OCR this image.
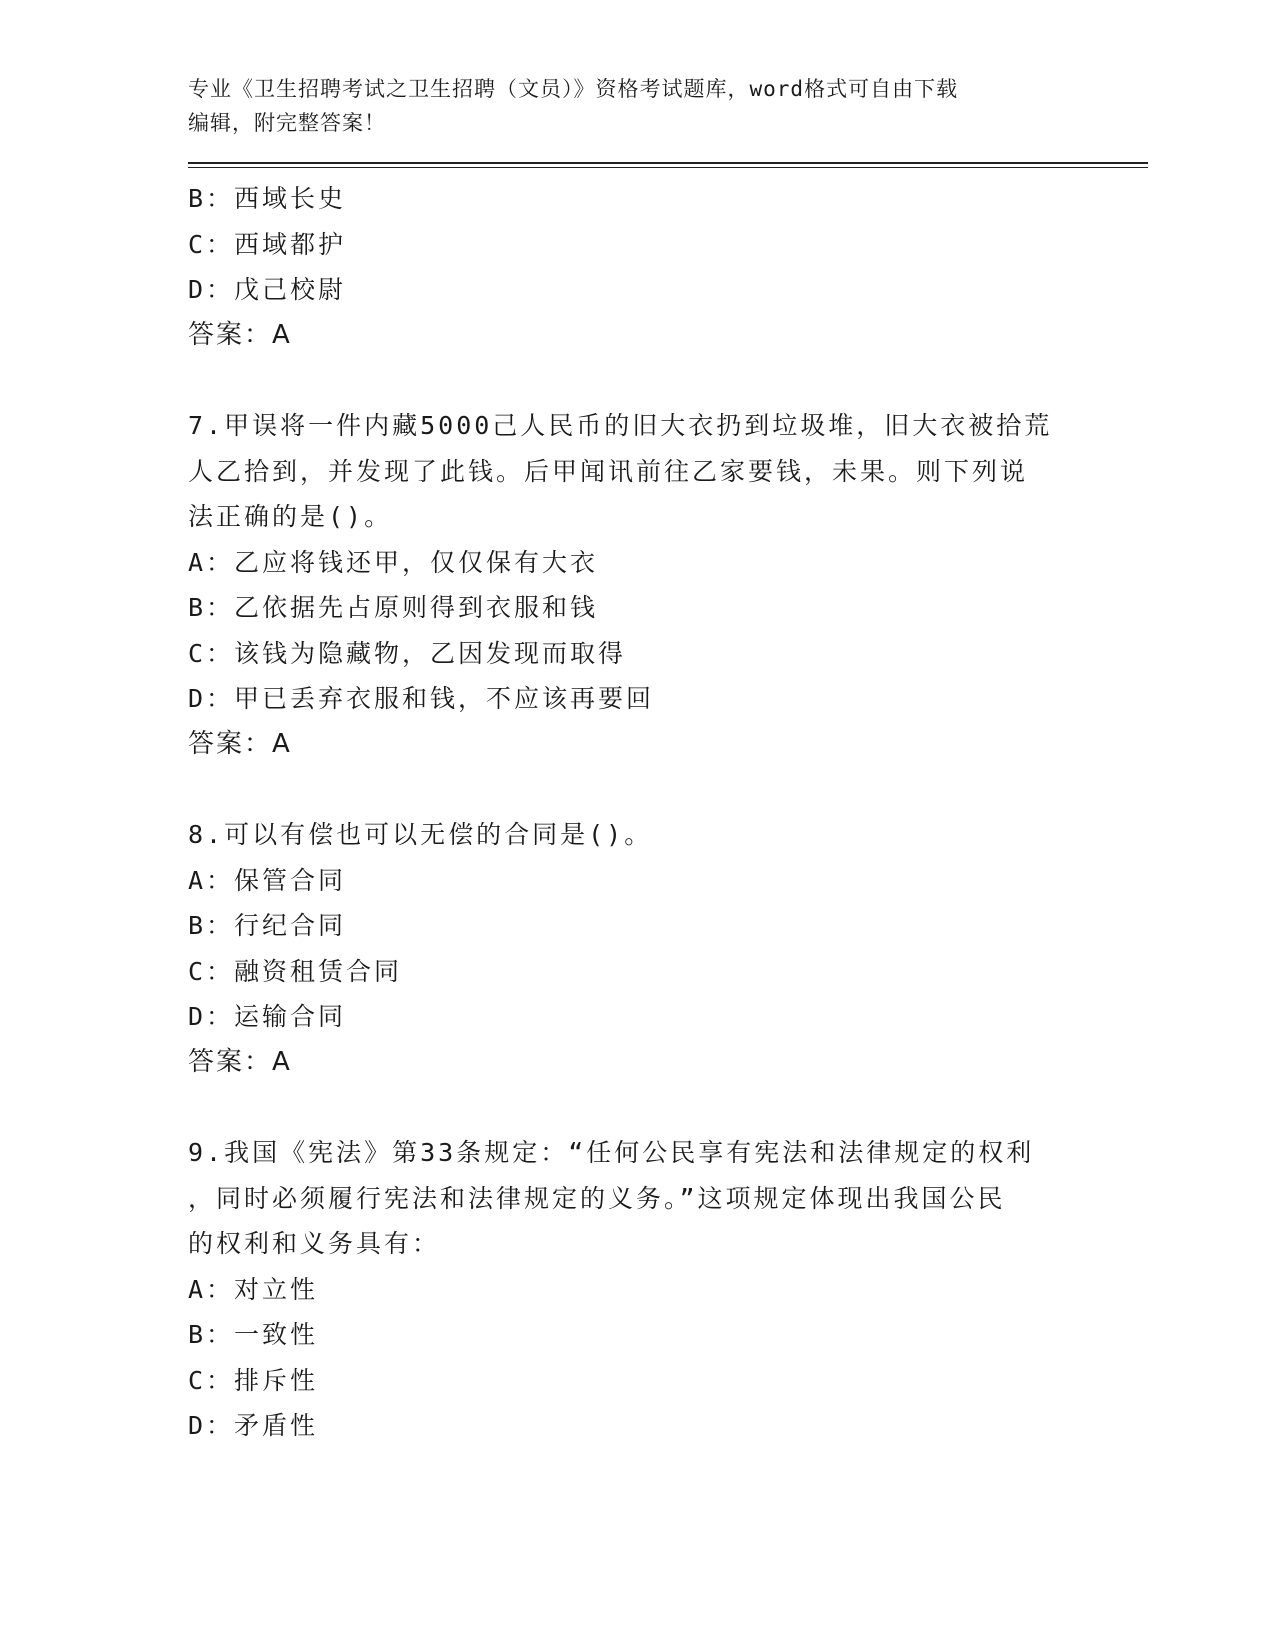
专业《卫生招聘考试之卫生招聘（文员）》资格考试题库，word格式可自由下载
编辑，附完整答案！
B：西域长史
C：西域都护
D：戊己校尉
答案：A
7.甲误将一件内藏5000己人民币的旧大衣扔到垃圾堆，旧大衣被拾荒
人乙拾到，并发现了此钱。后甲闻讯前往乙家要钱，未果。则下列说
法正确的是()。
A：乙应将钱还甲，仅仅保有大衣
B：乙依据先占原则得到衣服和钱
C：该钱为隐藏物，乙因发现而取得
D：甲已丢弃衣服和钱，不应该再要回
答案：A
8.可以有偿也可以无偿的合同是()。
A：保管合同
B：行纪合同
C：融资租赁合同
D：运输合同
答案：A
9.我国《宪法》第33条规定：“任何公民享有宪法和法律规定的权利
，同时必须履行宪法和法律规定的义务。”这项规定体现出我国公民
的权利和义务具有：
A：对立性
B：一致性
C：排斥性
D：矛盾性
